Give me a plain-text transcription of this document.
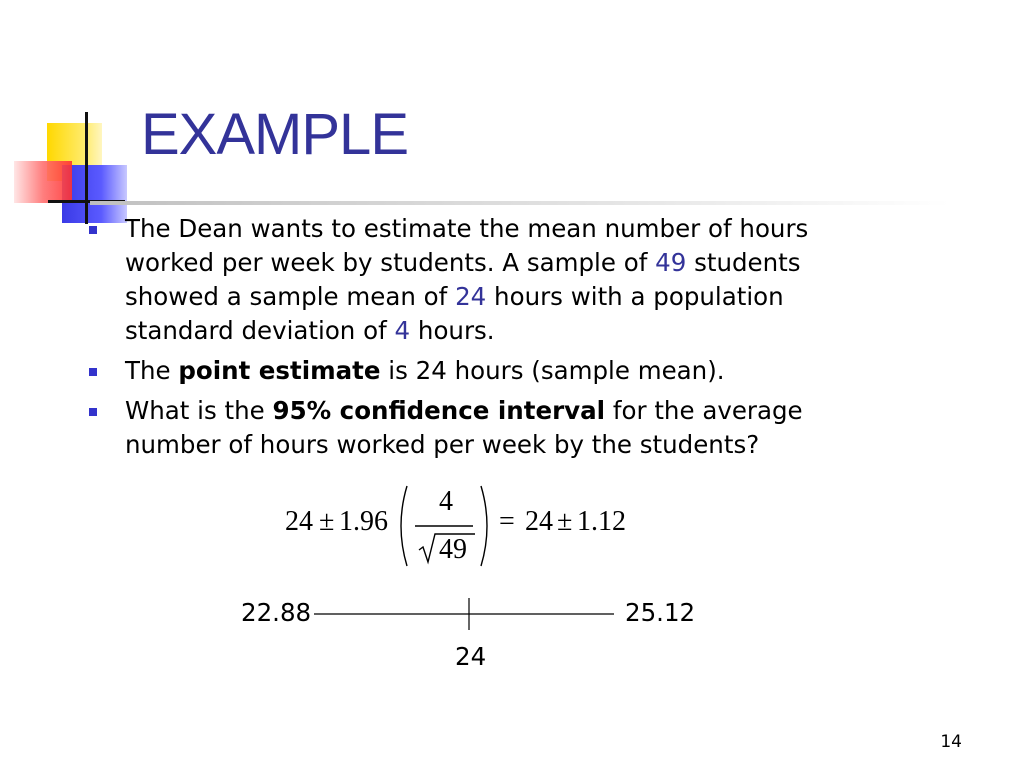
EXAMPLE
The Dean wants to estimate the mean number of hours worked per week by students. A sample of 49 students showed a sample mean of 24 hours with a population standard deviation of 4 hours.
The point estimate is 24 hours (sample mean).
What is the 95% confidence interval for the average number of hours worked per week by the students?
24 ± 1.96
4
49
= 24 ± 1.12
22.88	25.12
24
14
